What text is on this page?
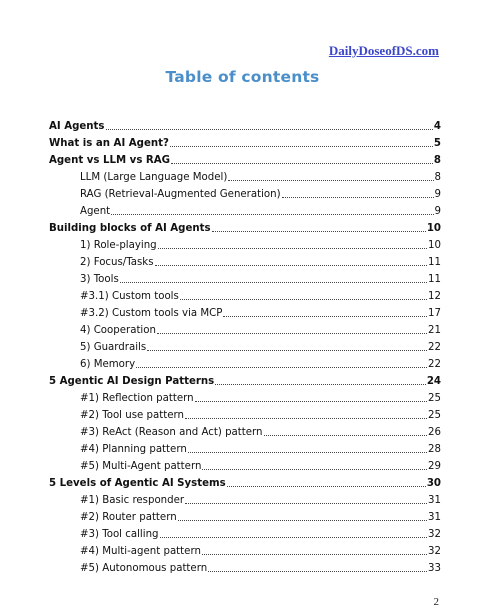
DailyDoseofDS.com
Table of contents
AI Agents	4
What is an AI Agent?	5
Agent vs LLM vs RAG	8
LLM (Large Language Model)	8
RAG (Retrieval-Augmented Generation)	9
Agent	9
Building blocks of AI Agents	10
1) Role-playing	10
2) Focus/Tasks	11
3) Tools	11
#3.1) Custom tools	12
#3.2) Custom tools via MCP	17
4) Cooperation	21
5) Guardrails	22
6) Memory	22
5 Agentic AI Design Patterns	24
#1) Reflection pattern	25
#2) Tool use pattern	25
#3) ReAct (Reason and Act) pattern	26
#4) Planning pattern	28
#5) Multi-Agent pattern	29
5 Levels of Agentic AI Systems	30
#1) Basic responder	31
#2) Router pattern	31
#3) Tool calling	32
#4) Multi-agent pattern	32
#5) Autonomous pattern	33
2
